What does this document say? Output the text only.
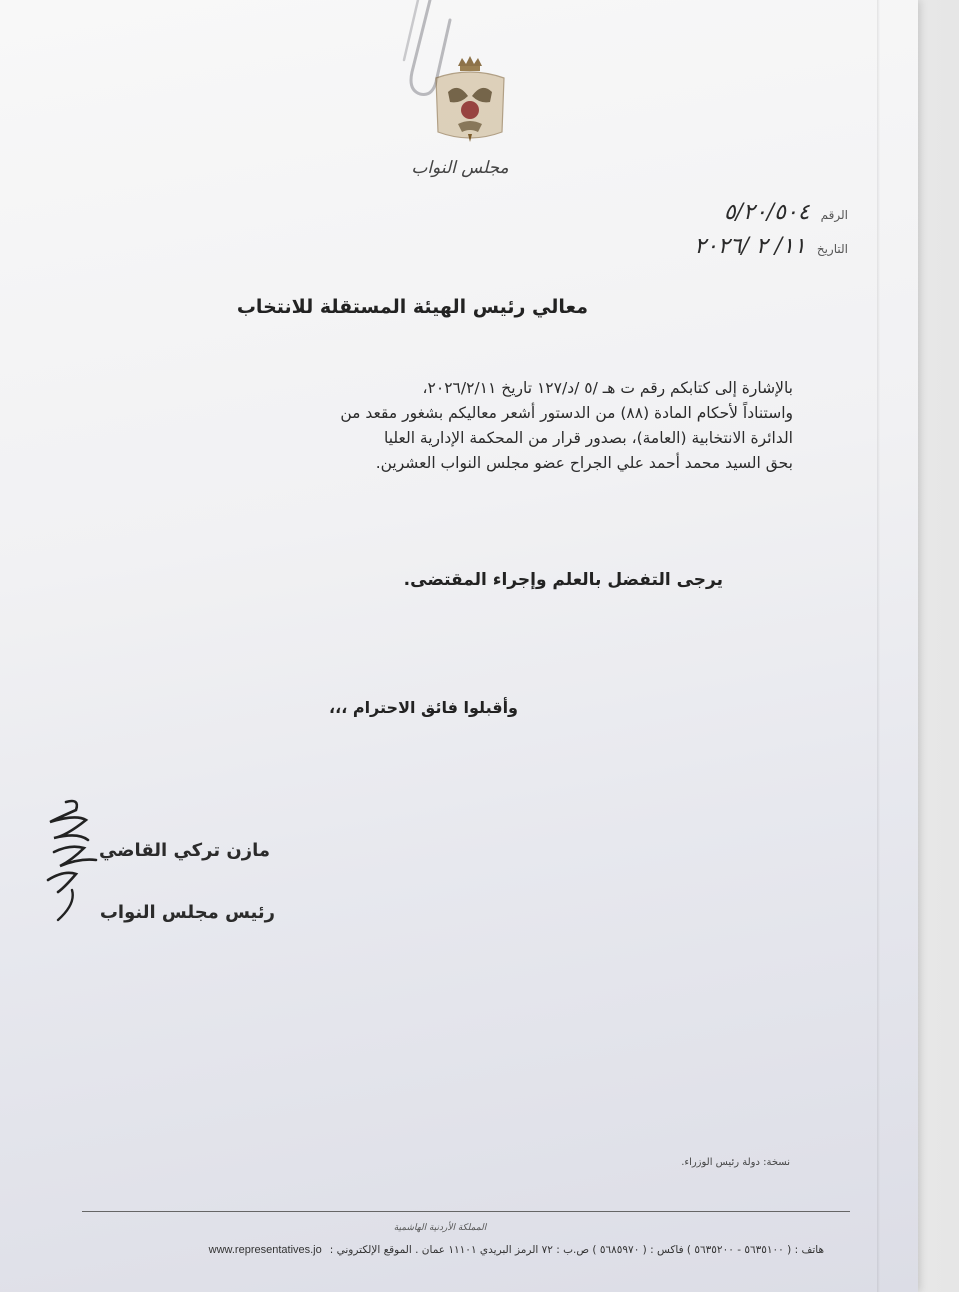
مجلس النواب
الرقم ٥/٢٠/٥٠٤
التاريخ ١١/ ٢ /٢٠٢٦
معالي رئيس الهيئة المستقلة للانتخاب

بالإشارة إلى كتابكم رقم ت هـ /٥ /د/١٢٧ تاريخ ٢٠٢٦/٢/١١،

واستناداً لأحكام المادة (٨٨) من الدستور أشعر معاليكم بشغور مقعد من

الدائرة الانتخابية (العامة)، بصدور قرار من المحكمة الإدارية العليا

بحق السيد محمد أحمد علي الجراح عضو مجلس النواب العشرين.

يرجى التفضل بالعلم وإجراء المقتضى.
وأقبلوا فائق الاحترام ،،،
مازن تركي القاضي
رئيس مجلس النواب
نسخة: دولة رئيس الوزراء.
المملكة الأردنية الهاشمية
هاتف : ( ٥٦٣٥١٠٠ - ٥٦٣٥٢٠٠ ) فاكس : ( ٥٦٨٥٩٧٠ ) ص.ب : ٧٢ الرمز البريدي ١١١٠١ عمان . الموقع الإلكتروني :
www.representatives.jo
